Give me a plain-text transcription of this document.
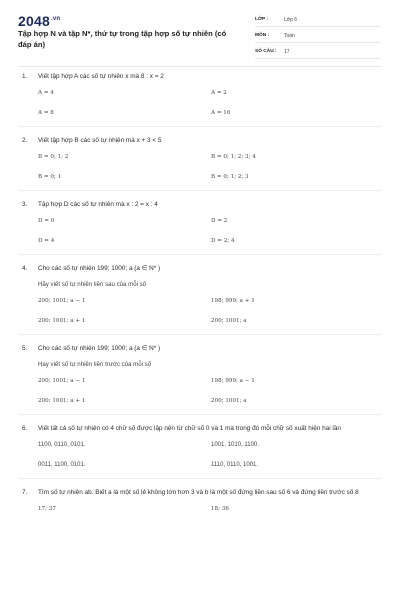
$2048^{.vn}$
Tập hợp N và tập N*, thứ tự trong tập hợp số tự nhiên (có đáp án)
LỚP :	Lớp 6
MÔN :	Toán
SỐ CÂU :	17
1.	Viết tập hợp A các số tự nhiên x mà 8 : x = 2
A = 4	A = 2
A = 8	A = 16
2.	Viết tập hợp B các số tự nhiên mà x + 3 < 5
B = 0; 1; 2	B = 0; 1; 2; 3; 4
B = 0; 1	B = 0; 1; 2; 3
3.	Tập hợp D các số tự nhiên mà x : 2 = x : 4
D = 0	D = 2
D = 4	D = 2; 4
4.	Cho các số tự nhiên 199; 1000; a (a ∈ N* )
Hãy viết số tự nhiên liền sau của mỗi số
200; 1001; a − 1	198; 999; a + 1
200; 1001; a + 1	200; 1001; a
5.	Cho các số tự nhiên 199; 1000; a (a ∈ N* )
Hay viết số tự nhiên liền trước của mỗi số
200; 1001; a − 1	198; 999; a − 1
200; 1001; a + 1	200; 1001; a
6.	Viết tất cả số tự nhiên có 4 chữ số được lập nên từ chữ số 0 và 1 mà trong đó mỗi chữ số xuất hiện hai lần
1100, 0110, 0101.	1001, 1010, 1100.
0011, 1100, 0101.	1110, 0110, 1001.
7.	Tìm số tự nhiên ab. Biết a là một số lẻ không lớn hơn 3 và b là một số đứng liền sau số 6 và đứng liền trước số 8
17; 37	18; 36
